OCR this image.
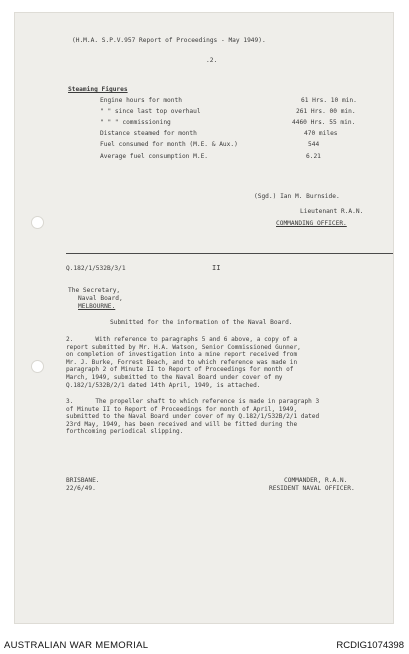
(H.M.A. S.P.V.957 Report of Proceedings - May 1949).
.2.
Steaming Figures
Engine hours for month	61 Hrs. 10 min.
" " since last top overhaul	261 Hrs. 00 min.
" " " commissioning	4460 Hrs. 55 min.
Distance steamed for month	470 miles
Fuel consumed for month (M.E. & Aux.)	544
Average fuel consumption M.E.	6.21
(Sgd.) Ian M. Burnside.
Lieutenant R.A.N.
COMMANDING OFFICER.
Q.182/1/532B/3/1	II
The Secretary,
Naval Board,
MELBOURNE.
Submitted for the information of the Naval Board.
2.      With reference to paragraphs 5 and 6 above, a copy of a
report submitted by Mr. H.A. Watson, Senior Commissioned Gunner,
on completion of investigation into a mine report received from
Mr. J. Burke, Forrest Beach, and to which reference was made in
paragraph 2 of Minute II to Report of Proceedings for month of
March, 1949, submitted to the Naval Board under cover of my
Q.182/1/532B/2/1 dated 14th April, 1949, is attached.
3.      The propeller shaft to which reference is made in paragraph 3
of Minute II to Report of Proceedings for month of April, 1949,
submitted to the Naval Board under cover of my Q.182/1/532B/2/1 dated
23rd May, 1949, has been received and will be fitted during the
forthcoming periodical slipping.
BRISBANE.
22/6/49.
COMMANDER, R.A.N.
RESIDENT NAVAL OFFICER.
AUSTRALIAN WAR MEMORIAL	RCDIG1074398
